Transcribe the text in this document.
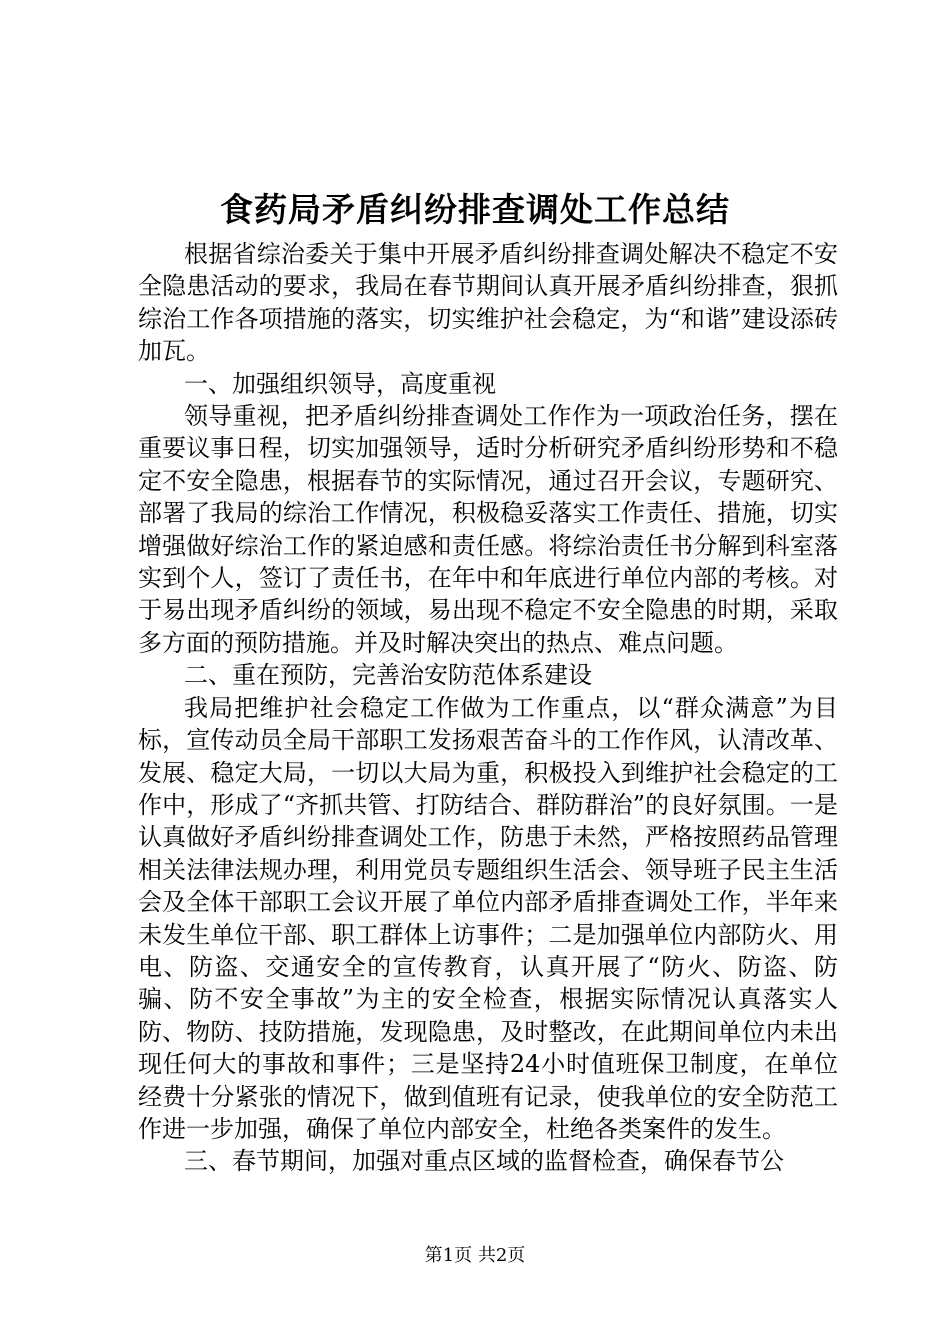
食药局矛盾纠纷排查调处工作总结

根据省综治委关于集中开展矛盾纠纷排查调处解决不稳定不安全隐患活动的要求，我局在春节期间认真开展矛盾纠纷排查，狠抓综治工作各项措施的落实，切实维护社会稳定，为“和谐”建设添砖加瓦。

一、加强组织领导，高度重视

领导重视，把矛盾纠纷排查调处工作作为一项政治任务，摆在重要议事日程，切实加强领导，适时分析研究矛盾纠纷形势和不稳定不安全隐患，根据春节的实际情况，通过召开会议，专题研究、部署了我局的综治工作情况，积极稳妥落实工作责任、措施，切实增强做好综治工作的紧迫感和责任感。将综治责任书分解到科室落实到个人，签订了责任书，在年中和年底进行单位内部的考核。对于易出现矛盾纠纷的领域，易出现不稳定不安全隐患的时期，采取多方面的预防措施。并及时解决突出的热点、难点问题。

二、重在预防，完善治安防范体系建设

我局把维护社会稳定工作做为工作重点，以“群众满意”为目标，宣传动员全局干部职工发扬艰苦奋斗的工作作风，认清改革、发展、稳定大局，一切以大局为重，积极投入到维护社会稳定的工作中，形成了“齐抓共管、打防结合、群防群治”的良好氛围。一是认真做好矛盾纠纷排查调处工作，防患于未然，严格按照药品管理相关法律法规办理，利用党员专题组织生活会、领导班子民主生活会及全体干部职工会议开展了单位内部矛盾排查调处工作，半年来未发生单位干部、职工群体上访事件；二是加强单位内部防火、用电、防盗、交通安全的宣传教育，认真开展了“防火、防盗、防骗、防不安全事故”为主的安全检查，根据实际情况认真落实人防、物防、技防措施，发现隐患，及时整改，在此期间单位内未出现任何大的事故和事件；三是坚持24小时值班保卫制度，在单位经费十分紧张的情况下，做到值班有记录，使我单位的安全防范工作进一步加强，确保了单位内部安全，杜绝各类案件的发生。

三、春节期间，加强对重点区域的监督检查，确保春节公

第1页 共2页
